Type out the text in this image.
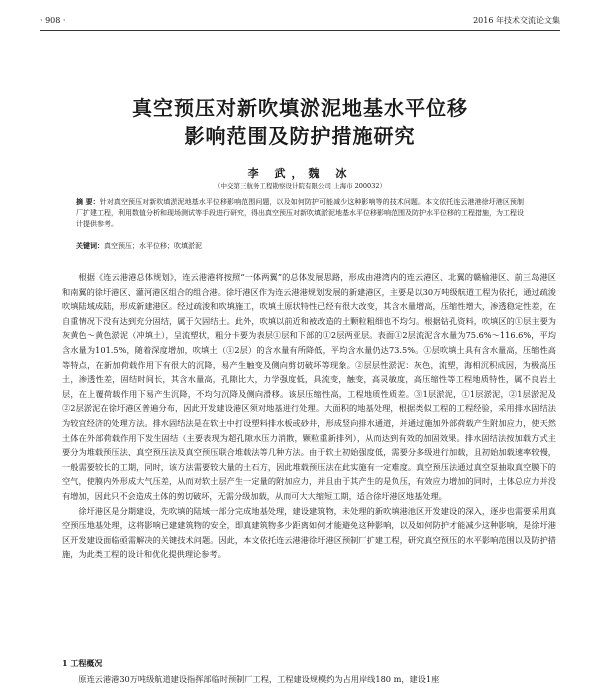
· 908 ·	2016 年技术交流论文集
真空预压对新吹填淤泥地基水平位移
影响范围及防护措施研究
李 武，魏 冰
（中交第三航务工程勘察设计院有限公司 上海市 200032）
摘 要：针对真空预压对新吹填淤泥地基水平位移影响范围问题，以及如何防护可能减少这种影响等的技术问题。本文依托连云港港徐圩港区预制厂扩建工程，利用数值分析和现场测试等手段进行研究，得出真空预压对新吹填淤泥地基水平位移影响范围及防护水平位移的工程措施，为工程设计提供参考。
关键词：真空预压；水平位移；吹填淤泥

根据《连云港港总体规划》，连云港港将按照“一体两翼”的总体发展思路，形成由港湾内的连云港区、北翼的赣榆港区、前三岛港区和南翼的徐圩港区、灌河港区组合的组合港。徐圩港区作为连云港港规划发展的新建港区，主要是以30万吨级航道工程为依托，通过疏浚吹填陆域成陆，形成新建港区。经过疏浚和吹填施工，吹填土原状特性已经有很大改变，其含水量增高，压缩性增大，渗透稳定性差，在自重情况下没有达到充分固结，属于欠固结土。此外，吹填以前近和被改造的土颗粒粗细也不均匀。根据钻孔资料，吹填区的①层主要为灰黄色～黄色淤泥（冲填土），呈流塑状，粗分卡要为表层①层和下部的①2层两亚层。表面①2层流泥含水量为75.6%～116.6%，平均含水量为101.5%，随着深度增加，吹填土（①2层）的含水量有所降低，平均含水量仍达73.5%。①层吹填土具有含水量高，压缩性高等特点，在新加荷载作用下有很大的沉降，易产生触变及侧向剪切破坏等现象。②层层性淤泥：灰色，流塑，海相沉积成因，为极高压土，渗透性差，固结时间长，其含水量高，孔隙比大，力学强度低，具流变，触变，高灵敏度，高压缩性等工程地质特性，属不良岩土层，在上覆荷载作用下易产生沉降，不均匀沉降及侧向滑移。该层压缩性高，工程地质性质差。③1层淤泥，①1层淤泥，②1层淤泥及②2层淤泥在徐圩港区普遍分布，因此开发建设港区须对地基进行处理。大面积的地基处理，根据类似工程的工程经验，采用排水固结法为较宜经济的处理方法。排水固结法是在软土中打设塑料排水板或砂井，形成竖向排水通道，并通过施加外部荷载产生附加应力，使天然土体在外部荷载作用下发生固结（主要表现为超孔隙水压力消散，颗粒重新排列），从而达到有效的加固效果。排水固结法按加载方式主要分为堆载预压法、真空预压法及真空预压联合堆载法等几种方法。由于软土初始强度低，需要分多级进行加载，且初始加载速率较慢，一般需要较长的工期，同时，该方法需要较大量的土石方，因此堆载预压法在此实施有一定难度。真空预压法通过真空泵抽取真空膜下的空气，使膜内外形成大气压差，从而对软土层产生一定量的附加应力，并且由于其产生的是负压，有效应力增加的同时，土体总应力并没有增加，因此只不会造成土体的剪切破坏，无需分级加载，从而可大大缩短工期，适合徐圩港区地基处理。

徐圩港区是分期建设，先吹填的陆域一部分完成地基处理，建设建筑物，未处理的新吹填港池区开发建设的深入，逐步也需要采用真空预压地基处理，这将影响已建建筑物的安全，即真建筑物多少距离如何才能避免这种影响，以及如何防护才能减少这种影响，是徐圩港区开发建设面临亟需解决的关键技术问题。因此，本文依托连云港港徐圩港区预制厂扩建工程，研究真空预压的水平影响范围以及防护措施，为此类工程的设计和优化提供理论参考。

1 工程概况
原连云港港30万吨级航道建设指挥部临时预制厂工程，工程建设规模约为占用岸线180 m，建设1座
